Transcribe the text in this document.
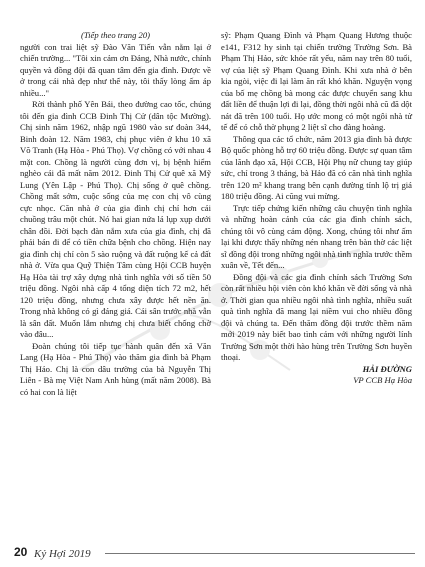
(Tiếp theo trang 20)

người con trai liệt sỹ Đào Văn Tiến vẫn nằm lại ở chiến trường... "Tôi xin cảm ơn Đảng, Nhà nước, chính quyền và đồng đội đã quan tâm đến gia đình. Được về ở trong cái nhà đẹp như thế này, tôi thấy lòng ấm áp nhiều..."

Rời thành phố Yên Bái, theo đường cao tốc, chúng tôi đến gia đình CCB Đinh Thị Cử (dân tộc Mường). Chị sinh năm 1962, nhập ngũ 1980 vào sư đoàn 344, Binh đoàn 12. Năm 1983, chị phục viên ở khu 10 xã Võ Tranh (Hạ Hòa - Phú Thọ). Vợ chồng có với nhau 4 mặt con. Chồng là người cùng đơn vị, bị bệnh hiểm nghèo cái đã mất năm 2012. Đinh Thị Cử quê xã Mỹ Lung (Yên Lập - Phú Thọ). Chị sống ở quê chồng. Chồng mất sớm, cuộc sống của mẹ con chị vô cùng cực nhọc. Căn nhà ở của gia đình chị chỉ hơn cái chuồng trâu một chút. Nó hai gian nứa lá lụp xụp dưới chân đồi. Đời bạch đàn nắm xưa của gia đình, chị đã phải bán đi để có tiền chữa bệnh cho chồng. Hiện nay gia đình chị chỉ còn 5 sào ruộng và đất ruộng kế cả đất nhà ở. Vừa qua Quỹ Thiện Tâm cùng Hội CCB huyện Hạ Hòa tài trợ xây dựng nhà tình nghĩa với số tiền 50 triệu đồng. Ngôi nhà cấp 4 tổng diện tích 72 m2, hết 120 triệu đồng, nhưng chưa xây được hết nền ăn. Trong nhà không có gì đáng giá. Cái sân trước nhà vẫn là sân đất. Muốn lắm nhưng chị chưa biết chống chờ vào đâu...

Đoàn chúng tôi tiếp tục hành quân đến xã Văn Lang (Hạ Hòa - Phú Thọ) vào thăm gia đình bà Phạm Thị Hảo. Chị là con dâu trường của bà Nguyễn Thị Liên - Bà mẹ Việt Nam Anh hùng (mất năm 2008). Bà có hai con là liệt

sỹ: Phạm Quang Đình và Phạm Quang Hương thuộc e141, F312 hy sinh tại chiến trường Trường Sơn. Bà Phạm Thị Hảo, sức khỏe rất yếu, năm nay trên 80 tuổi, vợ của liệt sỹ Phạm Quang Đình. Khi xưa nhà ở bên kia ngòi, việc đi lại làm ăn rất khó khăn. Nguyện vọng của bố mẹ chồng bà mong các được chuyển sang khu đất liền để thuận lợi đi lại, đồng thời ngôi nhà cũ đã dột nát đã trên 100 tuổi. Họ ước mong có một ngôi nhà tử tế để có chỗ thờ phụng 2 liệt sĩ cho đàng hoàng.

Thông qua các tổ chức, năm 2013 gia đình bà được Bộ quốc phòng hỗ trợ 60 triệu đồng. Được sự quan tâm của lãnh đạo xã, Hội CCB, Hội Phụ nữ chung tay giúp sức, chỉ trong 3 tháng, bà Hảo đã có căn nhà tình nghĩa trên 120 m² khang trang bên cạnh đường tỉnh lộ trị giá 180 triệu đồng. Ai cũng vui mừng.

Trực tiếp chứng kiến những câu chuyện tình nghĩa và những hoàn cảnh của các gia đình chính sách, chúng tôi vô cùng cảm động. Xong, chúng tôi như ấm lại khi được thấy những nén nhang trên bàn thờ các liệt sĩ đồng đội trong những ngôi nhà tình nghĩa trước thềm xuân về, Tết đến...

Đồng đội và các gia đình chính sách Trường Sơn còn rất nhiều hội viên còn khó khăn về đời sống và nhà ở. Thời gian qua nhiều ngôi nhà tình nghĩa, nhiều suất quà tình nghĩa đã mang lại niềm vui cho nhiều đồng đội và chúng ta. Đến thăm đồng đội trước thềm năm mới 2019 này biết bao tình cảm với những người lính Trường Sơn một thời hào hùng trên Trường Sơn huyền thoại.

HẢI ĐƯỜNG

VP CCB Hạ Hòa

20 Kỷ Hợi 2019
